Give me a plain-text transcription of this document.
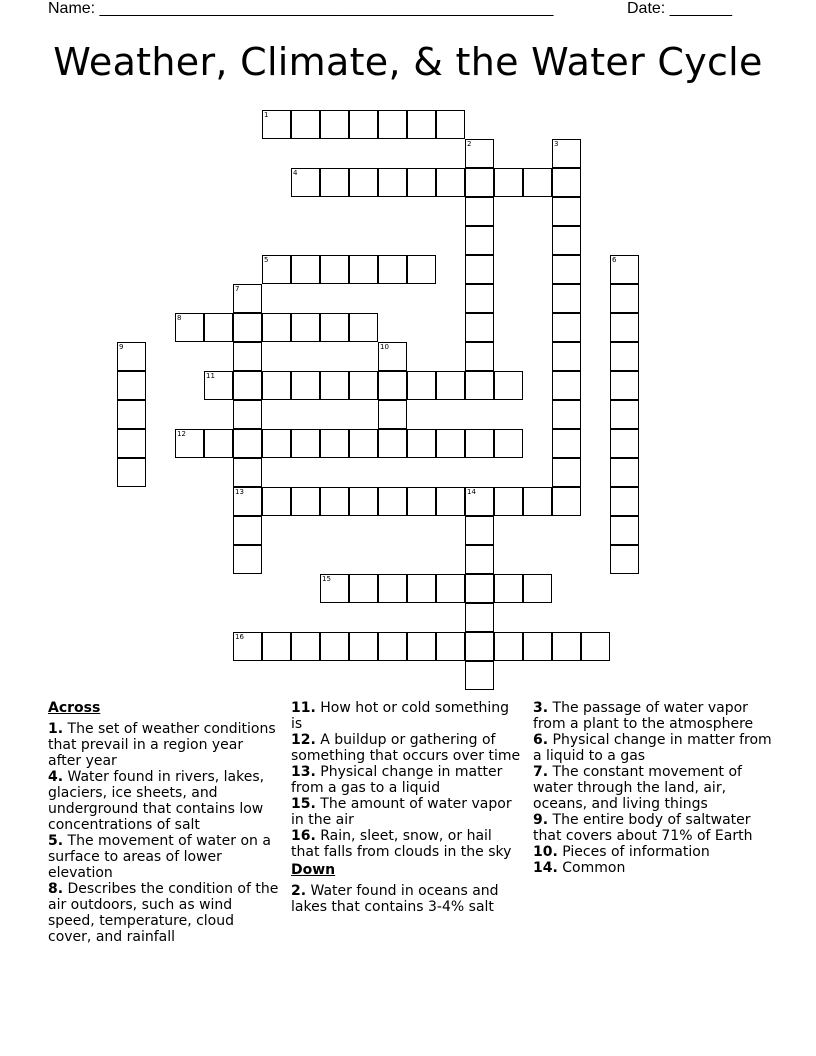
Name: ___________________________________________________	Date: _______
Weather, Climate, & the Water Cycle
1
2	3
4
5	6
7
13
8
9	10
11
12
14
15
16
Across
1. The set of weather conditions that prevail in a region year after year
4. Water found in rivers, lakes, glaciers, ice sheets, and underground that contains low concentrations of salt
5. The movement of water on a surface to areas of lower elevation
8. Describes the condition of the air outdoors, such as wind speed, temperature, cloud cover, and rainfall
11. How hot or cold something is
12. A buildup or gathering of something that occurs over time
13. Physical change in matter from a gas to a liquid
15. The amount of water vapor in the air
16. Rain, sleet, snow, or hail that falls from clouds in the sky
Down
2. Water found in oceans and lakes that contains 3-4% salt
3. The passage of water vapor from a plant to the atmosphere
6. Physical change in matter from a liquid to a gas
7. The constant movement of water through the land, air, oceans, and living things
9. The entire body of saltwater that covers about 71% of Earth
10. Pieces of information
14. Common
